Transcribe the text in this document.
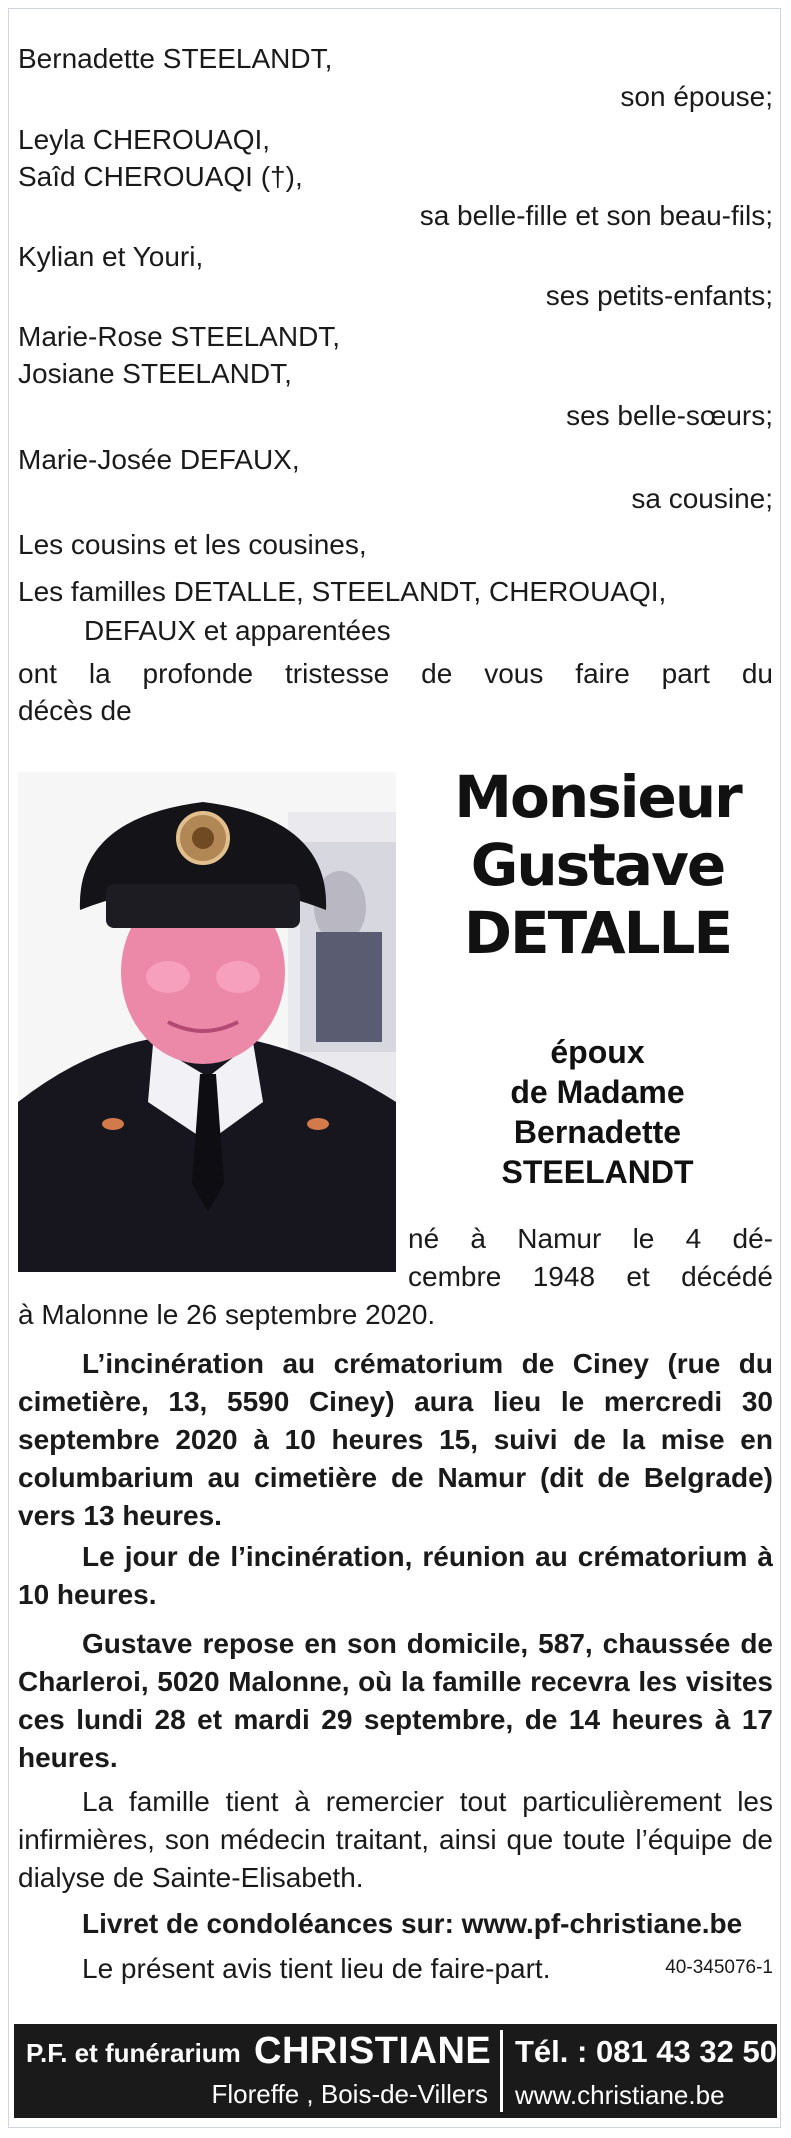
Bernadette STEELANDT,
son épouse;
Leyla CHEROUAQI,
Saîd CHEROUAQI (†),
sa belle-fille et son beau-fils;
Kylian et Youri,
ses petits-enfants;
Marie-Rose STEELANDT,
Josiane STEELANDT,
ses belle-sœurs;
Marie-Josée DEFAUX,
sa cousine;
Les cousins et les cousines,
Les familles DETALLE, STEELANDT, CHEROUAQI,
DEFAUX et apparentées
ont la profonde tristesse de vous faire part du
décès de
Monsieur
Gustave
DETALLE
époux
de Madame
Bernadette
STEELANDT
né à Namur le 4 dé-
cembre 1948 et décédé
à Malonne le 26 septembre 2020.
L’incinération au crématorium de Ciney (rue du cimetière, 13, 5590 Ciney) aura lieu le mercredi 30 septembre 2020 à 10 heures 15, suivi de la mise en columbarium au cimetière de Namur (dit de Belgrade) vers 13 heures.
Le jour de l’incinération, réunion au crématorium à 10 heures.
Gustave repose en son domicile, 587, chaussée de Charleroi, 5020 Malonne, où la famille recevra les visites ces lundi 28 et mardi 29 septembre, de 14 heures à 17 heures.
La famille tient à remercier tout particulièrement les infirmières, son médecin traitant, ainsi que toute l’équipe de dialyse de Sainte-Elisabeth.
Livret de condoléances sur: www.pf-christiane.be
Le présent avis tient lieu de faire-part.	40-345076-1
P.F. et funérarium CHRISTIANE
Floreffe , Bois-de-Villers
Tél. : 081 43 32 50
www.christiane.be
